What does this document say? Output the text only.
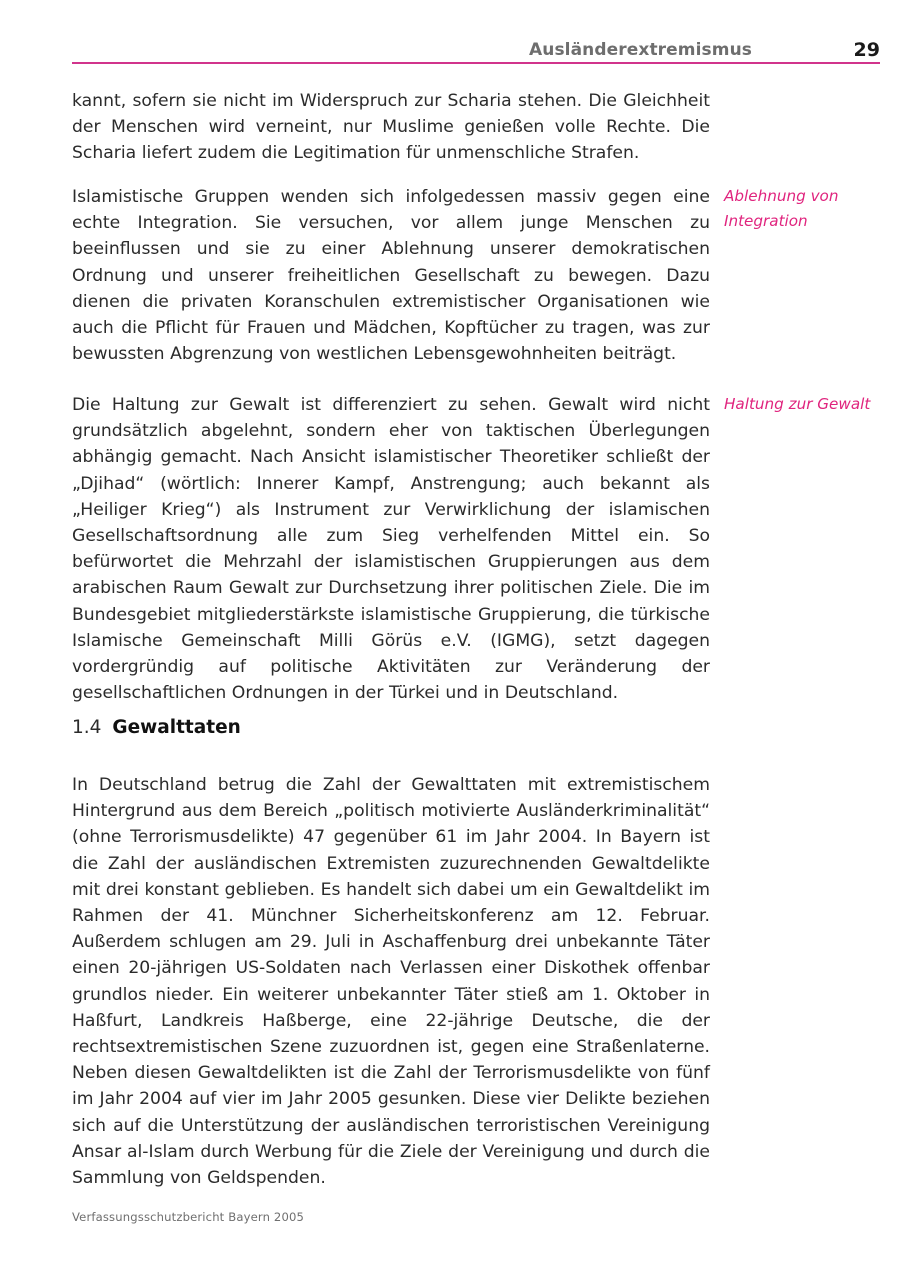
Ausländerextremismus	29

kannt, sofern sie nicht im Widerspruch zur Scharia stehen. Die Gleichheit der Menschen wird verneint, nur Muslime genießen volle Rechte. Die Scharia liefert zudem die Legitimation für unmenschliche Strafen.

Islamistische Gruppen wenden sich infolgedessen massiv gegen eine echte Integration. Sie versuchen, vor allem junge Menschen zu beeinflussen und sie zu einer Ablehnung unserer demokratischen Ordnung und unserer freiheitlichen Gesellschaft zu bewegen. Dazu dienen die privaten Koranschulen extremistischer Organisationen wie auch die Pflicht für Frauen und Mädchen, Kopftücher zu tragen, was zur bewussten Abgrenzung von westlichen Lebensgewohnheiten beiträgt.

Ablehnung von Integration

Die Haltung zur Gewalt ist differenziert zu sehen. Gewalt wird nicht grundsätzlich abgelehnt, sondern eher von taktischen Überlegungen abhängig gemacht. Nach Ansicht islamistischer Theoretiker schließt der „Djihad“ (wörtlich: Innerer Kampf, Anstrengung; auch bekannt als „Heiliger Krieg“) als Instrument zur Verwirklichung der islamischen Gesellschaftsordnung alle zum Sieg verhelfenden Mittel ein. So befürwortet die Mehrzahl der islamistischen Gruppierungen aus dem arabischen Raum Gewalt zur Durchsetzung ihrer politischen Ziele. Die im Bundesgebiet mitgliederstärkste islamistische Gruppierung, die türkische Islamische Gemeinschaft Milli Görüs e.V. (IGMG), setzt dagegen vordergründig auf politische Aktivitäten zur Veränderung der gesellschaftlichen Ordnungen in der Türkei und in Deutschland.

Haltung zur Gewalt
1.4 Gewalttaten

In Deutschland betrug die Zahl der Gewalttaten mit extremistischem Hintergrund aus dem Bereich „politisch motivierte Ausländerkriminalität“ (ohne Terrorismusdelikte) 47 gegenüber 61 im Jahr 2004. In Bayern ist die Zahl der ausländischen Extremisten zuzurechnenden Gewaltdelikte mit drei konstant geblieben. Es handelt sich dabei um ein Gewaltdelikt im Rahmen der 41. Münchner Sicherheitskonferenz am 12. Februar. Außerdem schlugen am 29. Juli in Aschaffenburg drei unbekannte Täter einen 20-jährigen US-Soldaten nach Verlassen einer Diskothek offenbar grundlos nieder. Ein weiterer unbekannter Täter stieß am 1. Oktober in Haßfurt, Landkreis Haßberge, eine 22-jährige Deutsche, die der rechtsextremistischen Szene zuzuordnen ist, gegen eine Straßenlaterne. Neben diesen Gewaltdelikten ist die Zahl der Terrorismusdelikte von fünf im Jahr 2004 auf vier im Jahr 2005 gesunken. Diese vier Delikte beziehen sich auf die Unterstützung der ausländischen terroristischen Vereinigung Ansar al-Islam durch Werbung für die Ziele der Vereinigung und durch die Sammlung von Geldspenden.

Verfassungsschutzbericht Bayern 2005
